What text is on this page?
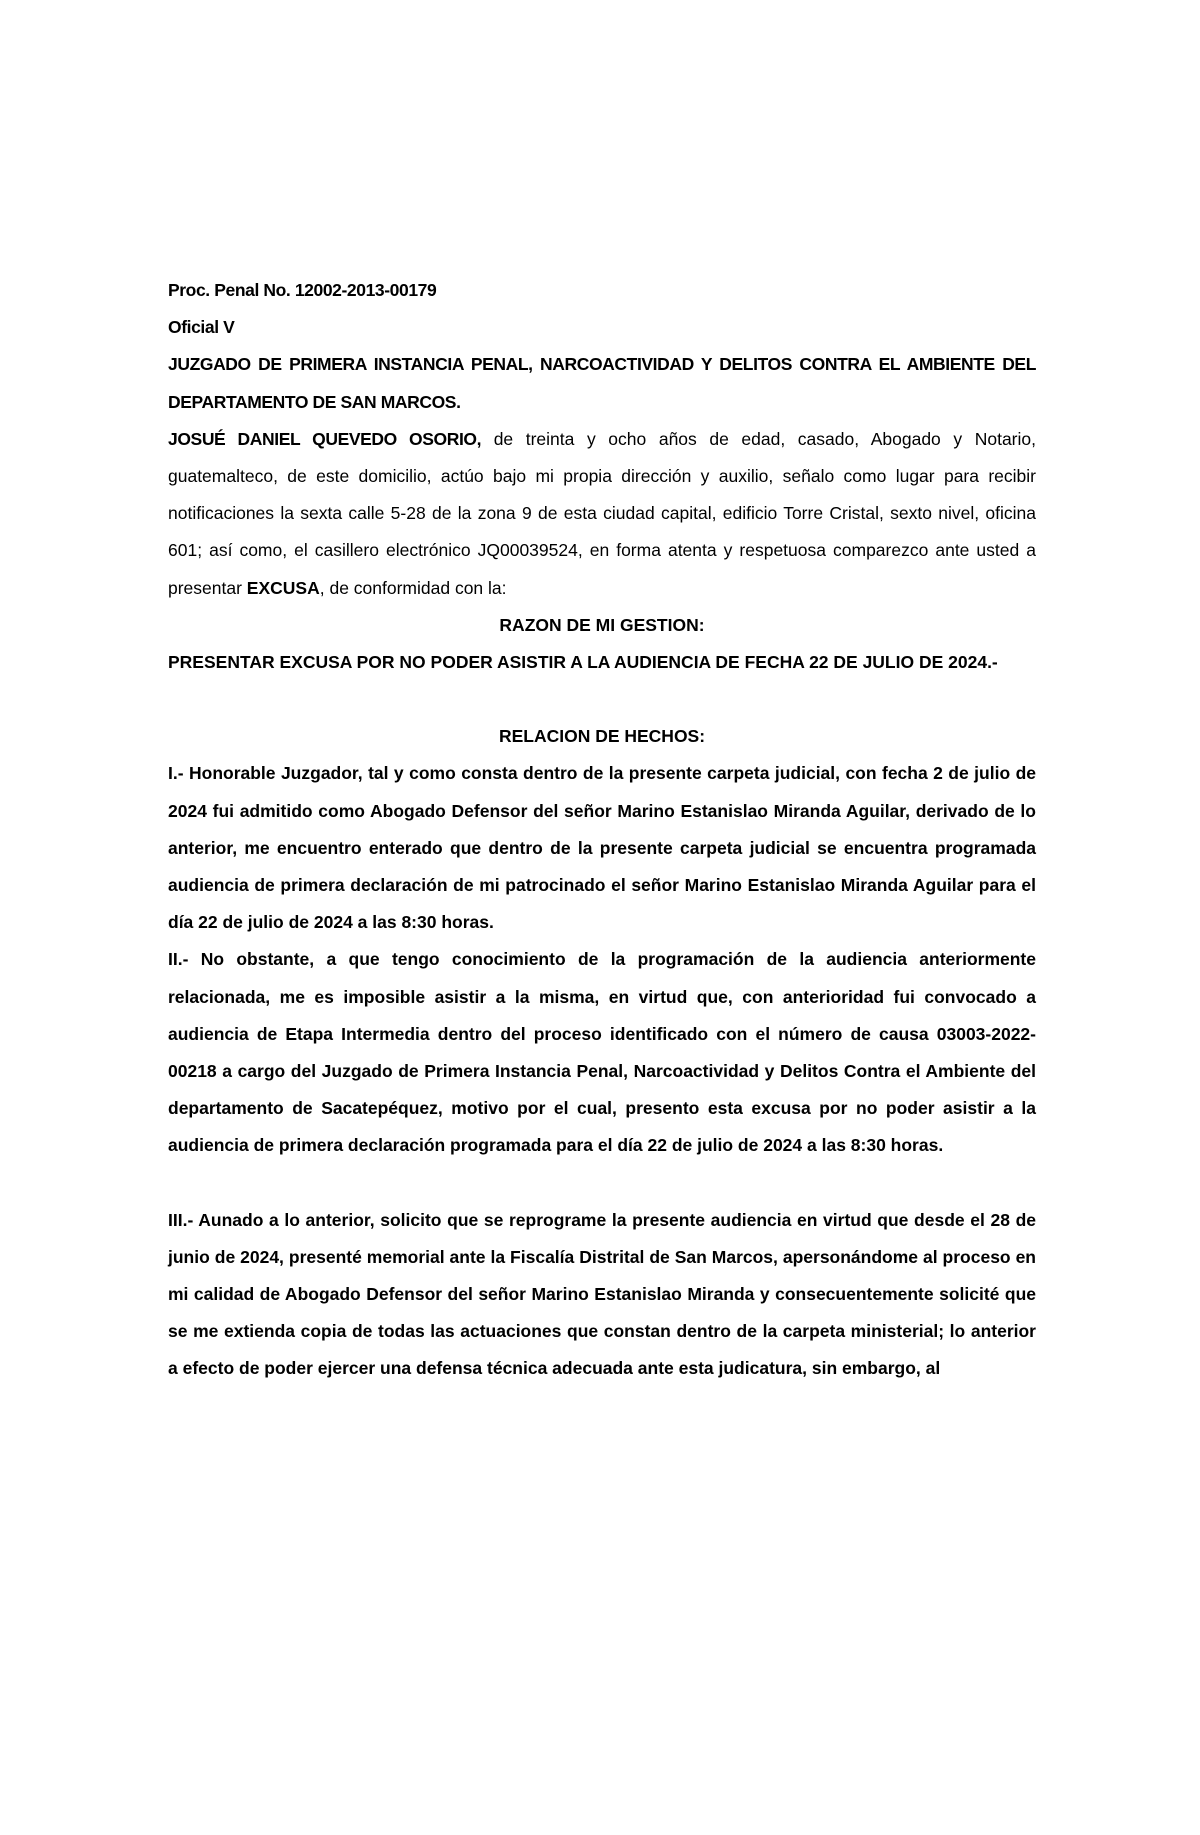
Proc. Penal No. 12002-2013-00179

Oficial V

JUZGADO DE PRIMERA INSTANCIA PENAL, NARCOACTIVIDAD Y DELITOS CONTRA EL AMBIENTE DEL DEPARTAMENTO DE SAN MARCOS.

JOSUÉ DANIEL QUEVEDO OSORIO, de treinta y ocho años de edad, casado, Abogado y Notario, guatemalteco, de este domicilio, actúo bajo mi propia dirección y auxilio, señalo como lugar para recibir notificaciones la sexta calle 5-28 de la zona 9 de esta ciudad capital, edificio Torre Cristal, sexto nivel, oficina 601; así como, el casillero electrónico JQ00039524, en forma atenta y respetuosa comparezco ante usted a presentar EXCUSA, de conformidad con la:

RAZON DE MI GESTION:

PRESENTAR EXCUSA POR NO PODER ASISTIR A LA AUDIENCIA DE FECHA 22 DE JULIO DE 2024.-

RELACION DE HECHOS:

I.- Honorable Juzgador, tal y como consta dentro de la presente carpeta judicial, con fecha 2 de julio de 2024 fui admitido como Abogado Defensor del señor Marino Estanislao Miranda Aguilar, derivado de lo anterior, me encuentro enterado que dentro de la presente carpeta judicial se encuentra programada audiencia de primera declaración de mi patrocinado el señor Marino Estanislao Miranda Aguilar para el día 22 de julio de 2024 a las 8:30 horas.

II.- No obstante, a que tengo conocimiento de la programación de la audiencia anteriormente relacionada, me es imposible asistir a la misma, en virtud que, con anterioridad fui convocado a audiencia de Etapa Intermedia dentro del proceso identificado con el número de causa 03003-2022-00218 a cargo del Juzgado de Primera Instancia Penal, Narcoactividad y Delitos Contra el Ambiente del departamento de Sacatepéquez, motivo por el cual, presento esta excusa por no poder asistir a la audiencia de primera declaración programada para el día 22 de julio de 2024 a las 8:30 horas.

III.- Aunado a lo anterior, solicito que se reprograme la presente audiencia en virtud que desde el 28 de junio de 2024, presenté memorial ante la Fiscalía Distrital de San Marcos, apersonándome al proceso en mi calidad de Abogado Defensor del señor Marino Estanislao Miranda y consecuentemente solicité que se me extienda copia de todas las actuaciones que constan dentro de la carpeta ministerial; lo anterior a efecto de poder ejercer una defensa técnica adecuada ante esta judicatura, sin embargo, al
